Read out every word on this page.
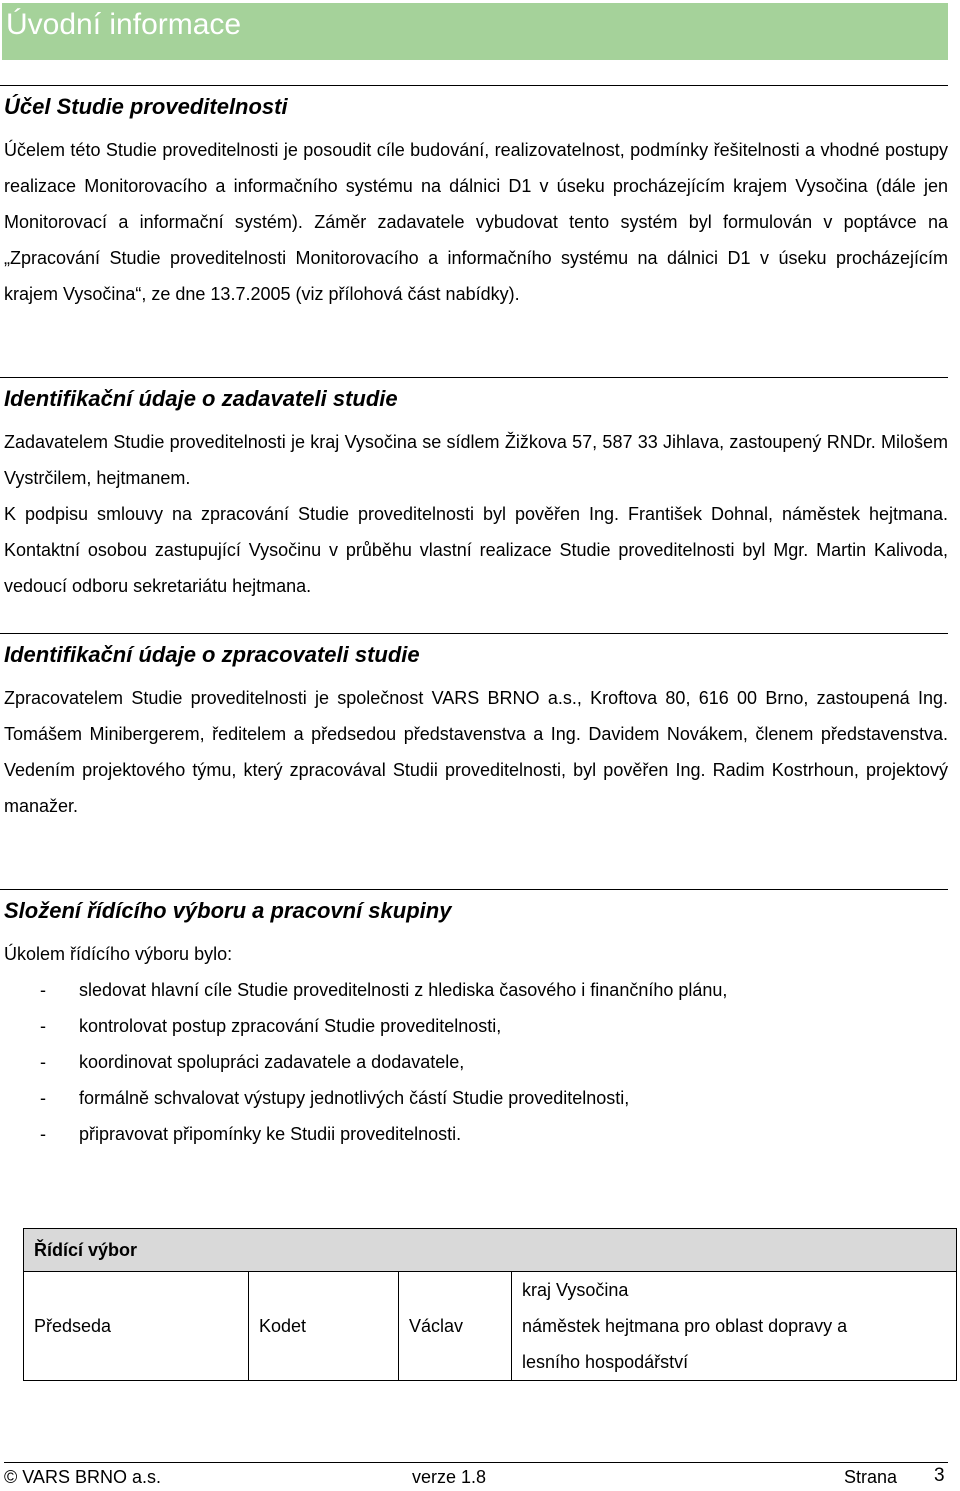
Úvodní informace
Účel Studie proveditelnosti

Účelem této Studie proveditelnosti je posoudit cíle budování, realizovatelnost, podmínky řešitelnosti a vhodné postupy realizace Monitorovacího a informačního systému na dálnici D1 v úseku procházejícím krajem Vysočina (dále jen Monitorovací a informační systém). Záměr zadavatele vybudovat tento systém byl formulován v poptávce na „Zpracování Studie proveditelnosti Monitorovacího a informačního systému na dálnici D1 v úseku procházejícím krajem Vysočina“, ze dne 13.7.2005 (viz přílohová část nabídky).

Identifikační údaje o zadavateli studie

Zadavatelem Studie proveditelnosti je kraj Vysočina se sídlem Žižkova 57, 587 33 Jihlava, zastoupený RNDr. Milošem Vystrčilem, hejtmanem.

K podpisu smlouvy na zpracování Studie proveditelnosti byl pověřen Ing. František Dohnal, náměstek hejtmana. Kontaktní osobou zastupující Vysočinu v průběhu vlastní realizace Studie proveditelnosti byl Mgr. Martin Kalivoda, vedoucí odboru sekretariátu hejtmana.

Identifikační údaje o zpracovateli studie

Zpracovatelem Studie proveditelnosti je společnost VARS BRNO a.s., Kroftova 80, 616 00 Brno, zastoupená Ing. Tomášem Minibergerem, ředitelem a předsedou představenstva a Ing. Davidem Novákem, členem představenstva. Vedením projektového týmu, který zpracovával Studii proveditelnosti, byl pověřen Ing. Radim Kostrhoun, projektový manažer.

Složení řídícího výboru a pracovní skupiny

Úkolem řídícího výboru bylo:

- sledovat hlavní cíle Studie proveditelnosti z hlediska časového i finančního plánu,
- kontrolovat postup zpracování Studie proveditelnosti,
- koordinovat spolupráci zadavatele a dodavatele,
- formálně schvalovat výstupy jednotlivých částí Studie proveditelnosti,
- připravovat připomínky ke Studii proveditelnosti.
Řídící výbor
Předseda	Kodet	Václav	
kraj Vysočina
náměstek hejtmana pro oblast dopravy a
lesního hospodářství
© VARS BRNO a.s.	verze 1.8	Strana 3
